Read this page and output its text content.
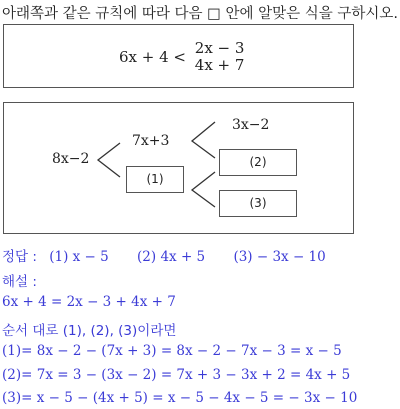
아래쪽과 같은 규칙에 따라 다음 □ 안에 알맞은 식을 구하시오.
6x + 4 < 2x − 3
4x + 7
8x−2
7x+3
3x−2
(1)
(2)
(3)
정답 : (1) x − 5 (2) 4x + 5 (3) − 3x − 10
해설 :
6x + 4 = 2x − 3 + 4x + 7
순서 대로 (1), (2), (3)이라면
(1)= 8x − 2 − (7x + 3) = 8x − 2 − 7x − 3 = x − 5
(2)= 7x = 3 − (3x − 2) = 7x + 3 − 3x + 2 = 4x + 5
(3)= x − 5 − (4x + 5) = x − 5 − 4x − 5 = − 3x − 10
